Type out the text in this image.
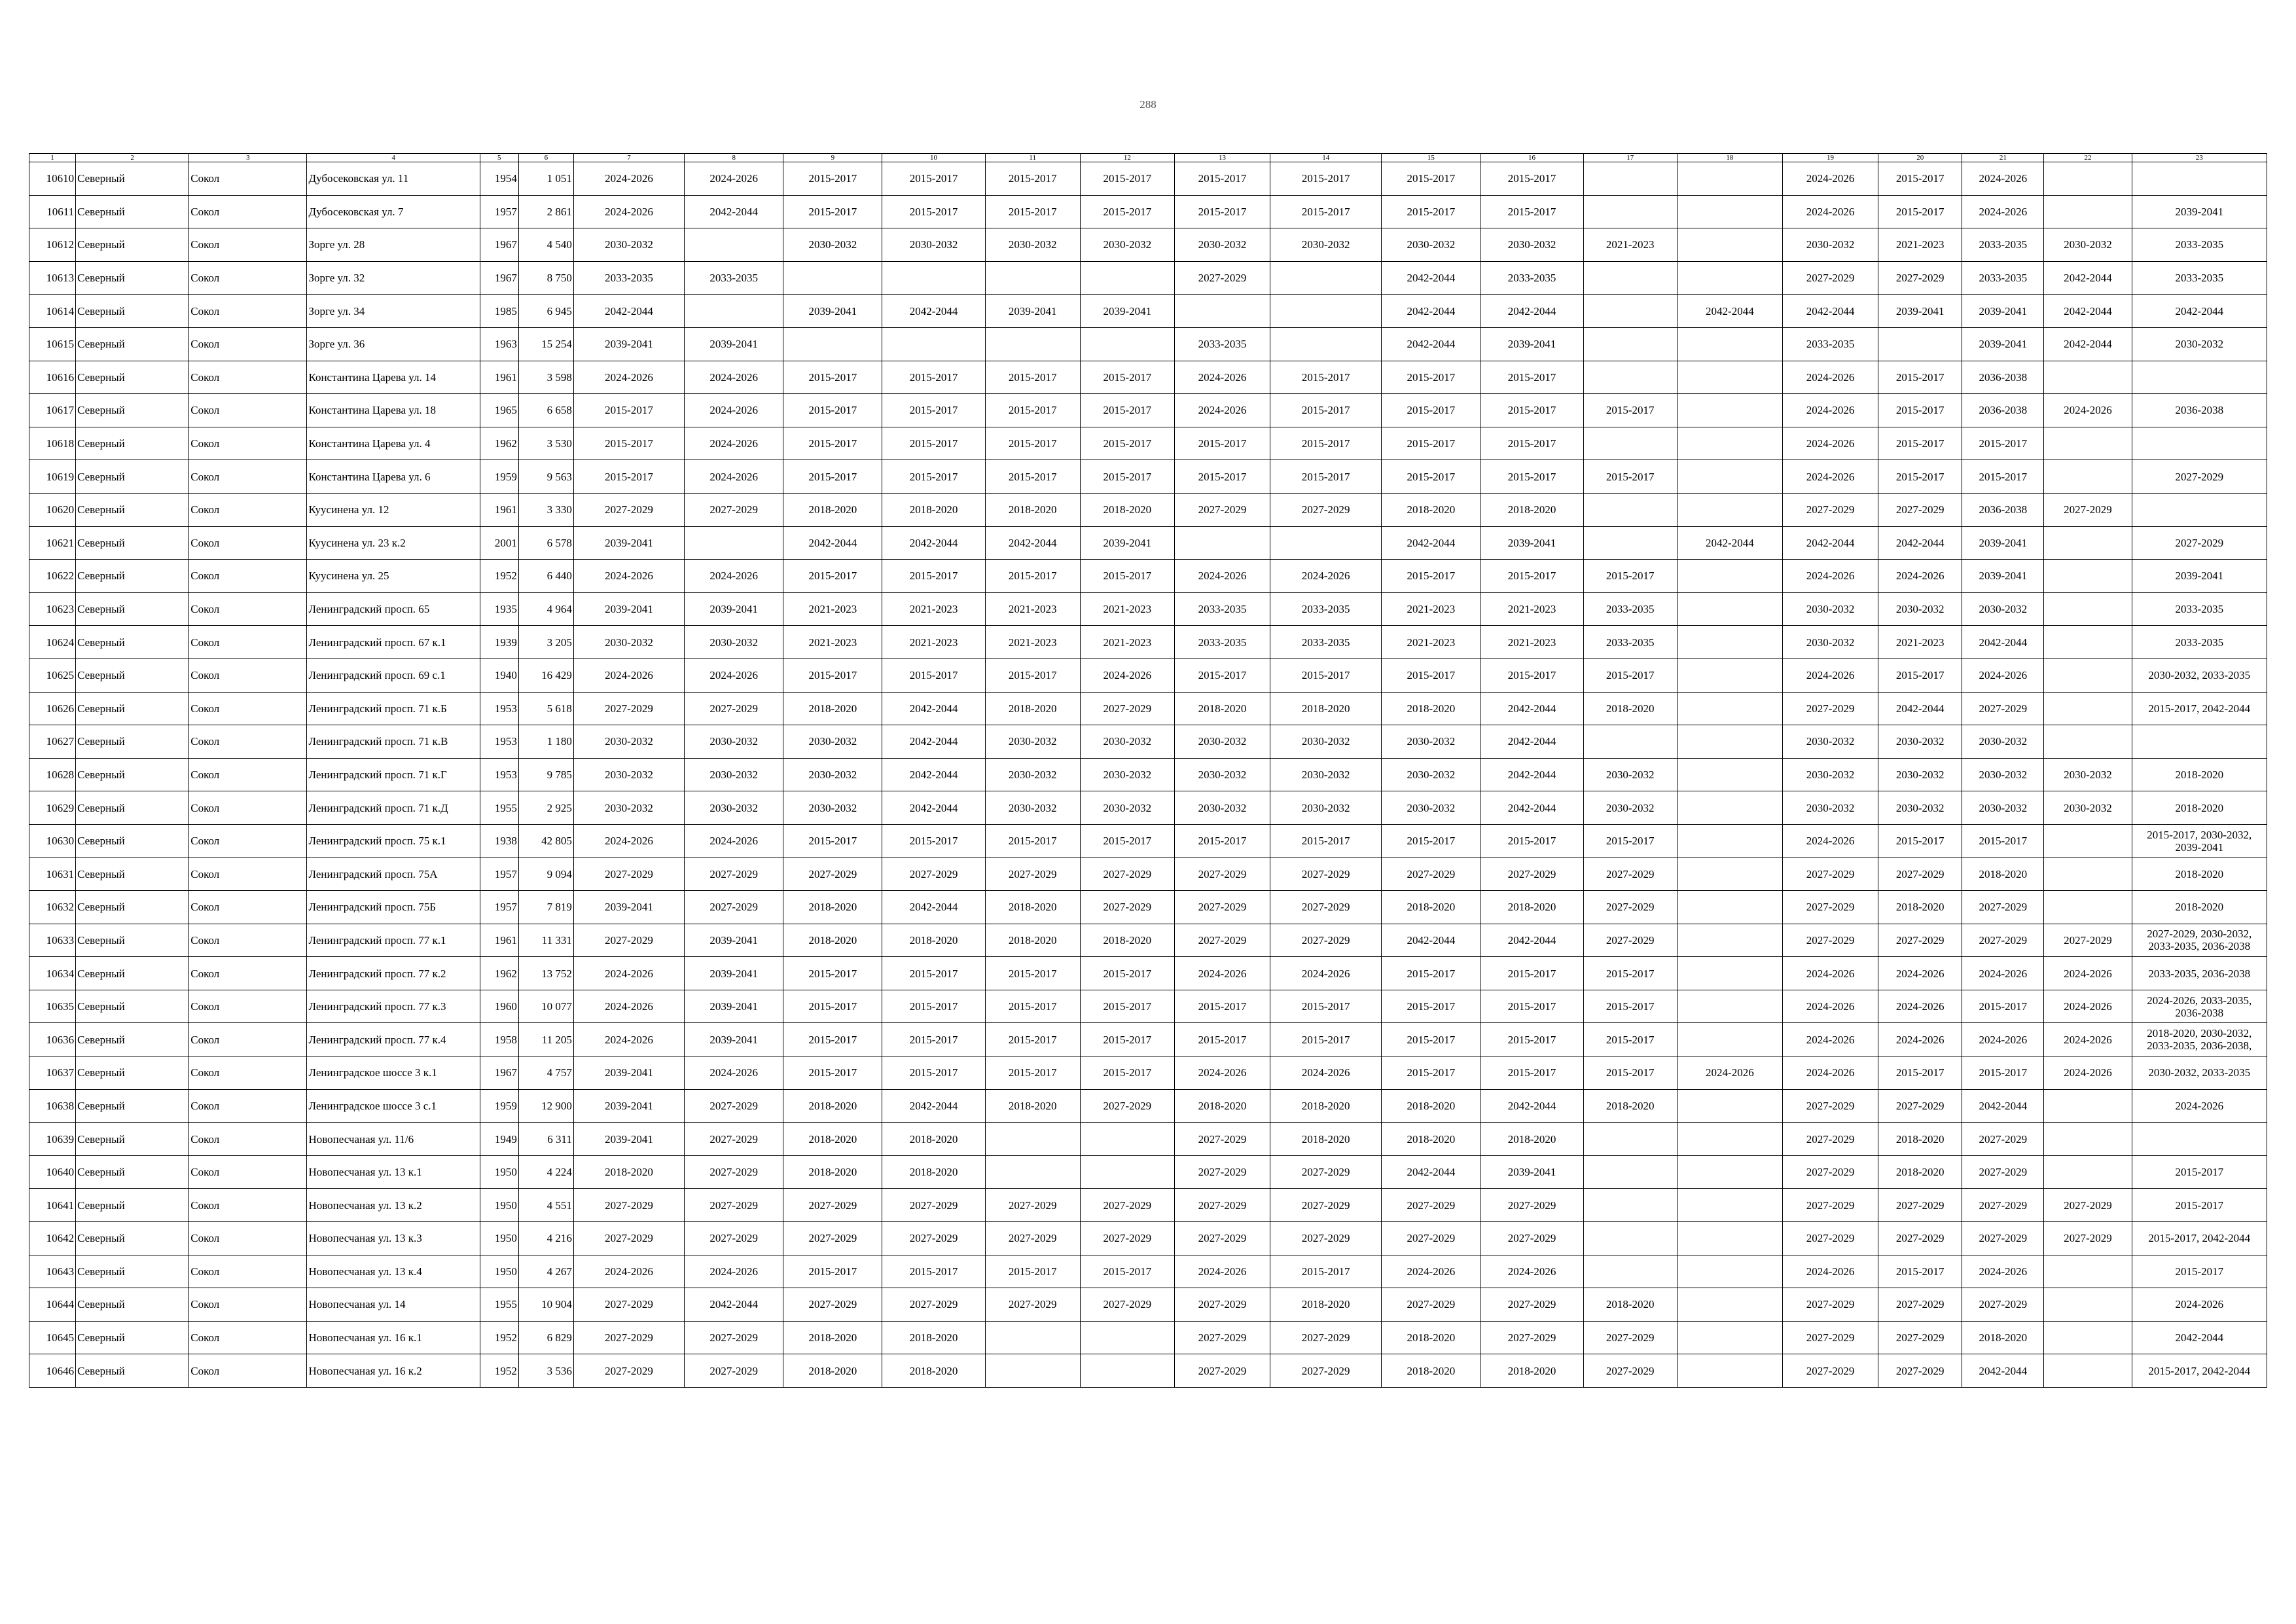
288
1	2	3	4	5	6	7	8	9	10	11	12	13	14	15	16	17	18	19	20	21	22	23
10610	Северный	Сокол	Дубосековская ул. 11	1954	1 051	2024-2026	2024-2026	2015-2017	2015-2017	2015-2017	2015-2017	2015-2017	2015-2017	2015-2017	2015-2017			2024-2026	2015-2017	2024-2026		
10611	Северный	Сокол	Дубосековская ул. 7	1957	2 861	2024-2026	2042-2044	2015-2017	2015-2017	2015-2017	2015-2017	2015-2017	2015-2017	2015-2017	2015-2017			2024-2026	2015-2017	2024-2026		2039-2041
10612	Северный	Сокол	Зорге ул. 28	1967	4 540	2030-2032		2030-2032	2030-2032	2030-2032	2030-2032	2030-2032	2030-2032	2030-2032	2030-2032	2021-2023		2030-2032	2021-2023	2033-2035	2030-2032	2033-2035
10613	Северный	Сокол	Зорге ул. 32	1967	8 750	2033-2035	2033-2035					2027-2029		2042-2044	2033-2035			2027-2029	2027-2029	2033-2035	2042-2044	2033-2035
10614	Северный	Сокол	Зорге ул. 34	1985	6 945	2042-2044		2039-2041	2042-2044	2039-2041	2039-2041			2042-2044	2042-2044		2042-2044	2042-2044	2039-2041	2039-2041	2042-2044	2042-2044
10615	Северный	Сокол	Зорге ул. 36	1963	15 254	2039-2041	2039-2041					2033-2035		2042-2044	2039-2041			2033-2035		2039-2041	2042-2044	2030-2032
10616	Северный	Сокол	Константина Царева ул. 14	1961	3 598	2024-2026	2024-2026	2015-2017	2015-2017	2015-2017	2015-2017	2024-2026	2015-2017	2015-2017	2015-2017			2024-2026	2015-2017	2036-2038		
10617	Северный	Сокол	Константина Царева ул. 18	1965	6 658	2015-2017	2024-2026	2015-2017	2015-2017	2015-2017	2015-2017	2024-2026	2015-2017	2015-2017	2015-2017	2015-2017		2024-2026	2015-2017	2036-2038	2024-2026	2036-2038
10618	Северный	Сокол	Константина Царева ул. 4	1962	3 530	2015-2017	2024-2026	2015-2017	2015-2017	2015-2017	2015-2017	2015-2017	2015-2017	2015-2017	2015-2017			2024-2026	2015-2017	2015-2017		
10619	Северный	Сокол	Константина Царева ул. 6	1959	9 563	2015-2017	2024-2026	2015-2017	2015-2017	2015-2017	2015-2017	2015-2017	2015-2017	2015-2017	2015-2017	2015-2017		2024-2026	2015-2017	2015-2017		2027-2029
10620	Северный	Сокол	Куусинена ул. 12	1961	3 330	2027-2029	2027-2029	2018-2020	2018-2020	2018-2020	2018-2020	2027-2029	2027-2029	2018-2020	2018-2020			2027-2029	2027-2029	2036-2038	2027-2029	
10621	Северный	Сокол	Куусинена ул. 23 к.2	2001	6 578	2039-2041		2042-2044	2042-2044	2042-2044	2039-2041			2042-2044	2039-2041		2042-2044	2042-2044	2042-2044	2039-2041		2027-2029
10622	Северный	Сокол	Куусинена ул. 25	1952	6 440	2024-2026	2024-2026	2015-2017	2015-2017	2015-2017	2015-2017	2024-2026	2024-2026	2015-2017	2015-2017	2015-2017		2024-2026	2024-2026	2039-2041		2039-2041
10623	Северный	Сокол	Ленинградский просп. 65	1935	4 964	2039-2041	2039-2041	2021-2023	2021-2023	2021-2023	2021-2023	2033-2035	2033-2035	2021-2023	2021-2023	2033-2035		2030-2032	2030-2032	2030-2032		2033-2035
10624	Северный	Сокол	Ленинградский просп. 67 к.1	1939	3 205	2030-2032	2030-2032	2021-2023	2021-2023	2021-2023	2021-2023	2033-2035	2033-2035	2021-2023	2021-2023	2033-2035		2030-2032	2021-2023	2042-2044		2033-2035
10625	Северный	Сокол	Ленинградский просп. 69 с.1	1940	16 429	2024-2026	2024-2026	2015-2017	2015-2017	2015-2017	2024-2026	2015-2017	2015-2017	2015-2017	2015-2017	2015-2017		2024-2026	2015-2017	2024-2026		2030-2032, 2033-2035
10626	Северный	Сокол	Ленинградский просп. 71 к.Б	1953	5 618	2027-2029	2027-2029	2018-2020	2042-2044	2018-2020	2027-2029	2018-2020	2018-2020	2018-2020	2042-2044	2018-2020		2027-2029	2042-2044	2027-2029		2015-2017, 2042-2044
10627	Северный	Сокол	Ленинградский просп. 71 к.В	1953	1 180	2030-2032	2030-2032	2030-2032	2042-2044	2030-2032	2030-2032	2030-2032	2030-2032	2030-2032	2042-2044			2030-2032	2030-2032	2030-2032		
10628	Северный	Сокол	Ленинградский просп. 71 к.Г	1953	9 785	2030-2032	2030-2032	2030-2032	2042-2044	2030-2032	2030-2032	2030-2032	2030-2032	2030-2032	2042-2044	2030-2032		2030-2032	2030-2032	2030-2032	2030-2032	2018-2020
10629	Северный	Сокол	Ленинградский просп. 71 к.Д	1955	2 925	2030-2032	2030-2032	2030-2032	2042-2044	2030-2032	2030-2032	2030-2032	2030-2032	2030-2032	2042-2044	2030-2032		2030-2032	2030-2032	2030-2032	2030-2032	2018-2020
10630	Северный	Сокол	Ленинградский просп. 75 к.1	1938	42 805	2024-2026	2024-2026	2015-2017	2015-2017	2015-2017	2015-2017	2015-2017	2015-2017	2015-2017	2015-2017	2015-2017		2024-2026	2015-2017	2015-2017		2015-2017, 2030-2032, 2039-2041
10631	Северный	Сокол	Ленинградский просп. 75А	1957	9 094	2027-2029	2027-2029	2027-2029	2027-2029	2027-2029	2027-2029	2027-2029	2027-2029	2027-2029	2027-2029	2027-2029		2027-2029	2027-2029	2018-2020		2018-2020
10632	Северный	Сокол	Ленинградский просп. 75Б	1957	7 819	2039-2041	2027-2029	2018-2020	2042-2044	2018-2020	2027-2029	2027-2029	2027-2029	2018-2020	2018-2020	2027-2029		2027-2029	2018-2020	2027-2029		2018-2020
10633	Северный	Сокол	Ленинградский просп. 77 к.1	1961	11 331	2027-2029	2039-2041	2018-2020	2018-2020	2018-2020	2018-2020	2027-2029	2027-2029	2042-2044	2042-2044	2027-2029		2027-2029	2027-2029	2027-2029	2027-2029	2027-2029, 2030-2032, 2033-2035, 2036-2038
10634	Северный	Сокол	Ленинградский просп. 77 к.2	1962	13 752	2024-2026	2039-2041	2015-2017	2015-2017	2015-2017	2015-2017	2024-2026	2024-2026	2015-2017	2015-2017	2015-2017		2024-2026	2024-2026	2024-2026	2024-2026	2033-2035, 2036-2038
10635	Северный	Сокол	Ленинградский просп. 77 к.3	1960	10 077	2024-2026	2039-2041	2015-2017	2015-2017	2015-2017	2015-2017	2015-2017	2015-2017	2015-2017	2015-2017	2015-2017		2024-2026	2024-2026	2015-2017	2024-2026	2024-2026, 2033-2035, 2036-2038
10636	Северный	Сокол	Ленинградский просп. 77 к.4	1958	11 205	2024-2026	2039-2041	2015-2017	2015-2017	2015-2017	2015-2017	2015-2017	2015-2017	2015-2017	2015-2017	2015-2017		2024-2026	2024-2026	2024-2026	2024-2026	2018-2020, 2030-2032, 2033-2035, 2036-2038,
10637	Северный	Сокол	Ленинградское шоссе 3 к.1	1967	4 757	2039-2041	2024-2026	2015-2017	2015-2017	2015-2017	2015-2017	2024-2026	2024-2026	2015-2017	2015-2017	2015-2017	2024-2026	2024-2026	2015-2017	2015-2017	2024-2026	2030-2032, 2033-2035
10638	Северный	Сокол	Ленинградское шоссе 3 с.1	1959	12 900	2039-2041	2027-2029	2018-2020	2042-2044	2018-2020	2027-2029	2018-2020	2018-2020	2018-2020	2042-2044	2018-2020		2027-2029	2027-2029	2042-2044		2024-2026
10639	Северный	Сокол	Новопесчаная ул. 11/6	1949	6 311	2039-2041	2027-2029	2018-2020	2018-2020			2027-2029	2018-2020	2018-2020	2018-2020			2027-2029	2018-2020	2027-2029		
10640	Северный	Сокол	Новопесчаная ул. 13 к.1	1950	4 224	2018-2020	2027-2029	2018-2020	2018-2020			2027-2029	2027-2029	2042-2044	2039-2041			2027-2029	2018-2020	2027-2029		2015-2017
10641	Северный	Сокол	Новопесчаная ул. 13 к.2	1950	4 551	2027-2029	2027-2029	2027-2029	2027-2029	2027-2029	2027-2029	2027-2029	2027-2029	2027-2029	2027-2029			2027-2029	2027-2029	2027-2029	2027-2029	2015-2017
10642	Северный	Сокол	Новопесчаная ул. 13 к.3	1950	4 216	2027-2029	2027-2029	2027-2029	2027-2029	2027-2029	2027-2029	2027-2029	2027-2029	2027-2029	2027-2029			2027-2029	2027-2029	2027-2029	2027-2029	2015-2017, 2042-2044
10643	Северный	Сокол	Новопесчаная ул. 13 к.4	1950	4 267	2024-2026	2024-2026	2015-2017	2015-2017	2015-2017	2015-2017	2024-2026	2015-2017	2024-2026	2024-2026			2024-2026	2015-2017	2024-2026		2015-2017
10644	Северный	Сокол	Новопесчаная ул. 14	1955	10 904	2027-2029	2042-2044	2027-2029	2027-2029	2027-2029	2027-2029	2027-2029	2018-2020	2027-2029	2027-2029	2018-2020		2027-2029	2027-2029	2027-2029		2024-2026
10645	Северный	Сокол	Новопесчаная ул. 16 к.1	1952	6 829	2027-2029	2027-2029	2018-2020	2018-2020			2027-2029	2027-2029	2018-2020	2027-2029	2027-2029		2027-2029	2027-2029	2018-2020		2042-2044
10646	Северный	Сокол	Новопесчаная ул. 16 к.2	1952	3 536	2027-2029	2027-2029	2018-2020	2018-2020			2027-2029	2027-2029	2018-2020	2018-2020	2027-2029		2027-2029	2027-2029	2042-2044		2015-2017, 2042-2044
